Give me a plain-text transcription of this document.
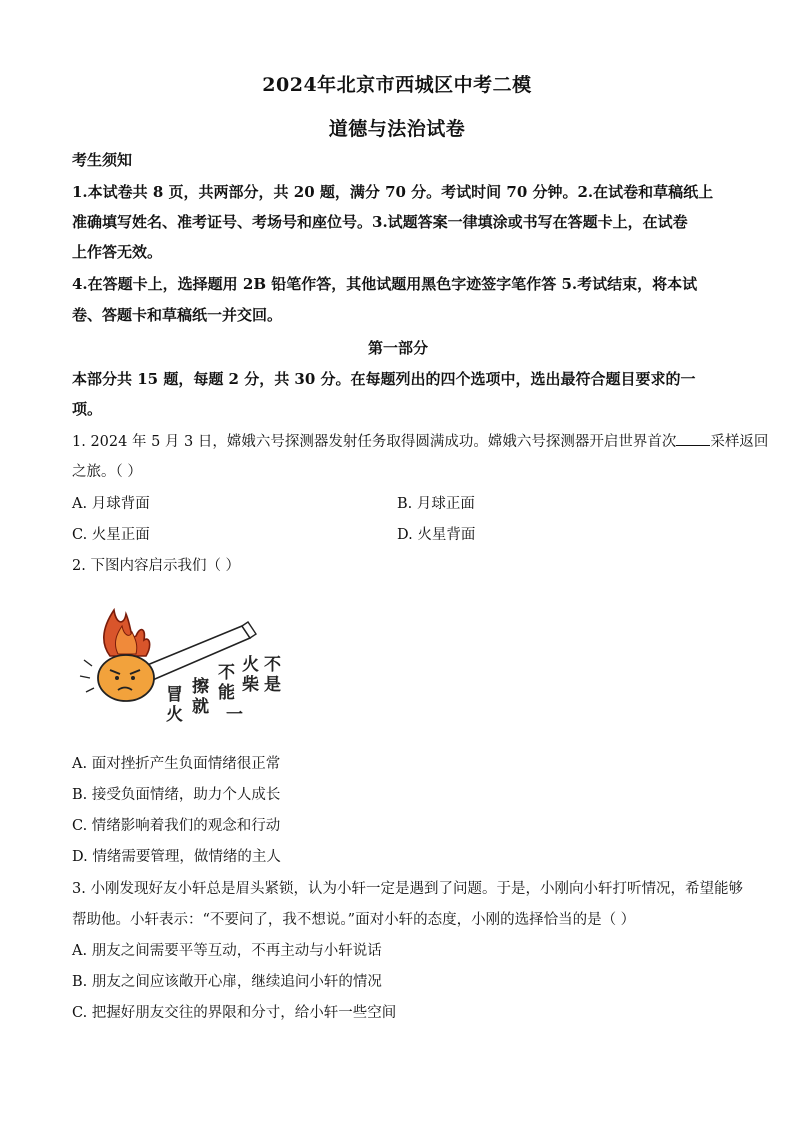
2024年北京市西城区中考二模
道德与法治试卷
考生须知
1.本试卷共 8 页，共两部分，共 20 题，满分 70 分。考试时间 70 分钟。2.在试卷和草稿纸上
准确填写姓名、准考证号、考场号和座位号。3.试题答案一律填涂或书写在答题卡上，在试卷
上作答无效。
4.在答题卡上，选择题用 2B 铅笔作答，其他试题用黑色字迹签字笔作答 5.考试结束，将本试
卷、答题卡和草稿纸一并交回。
第一部分
本部分共 15 题，每题 2 分，共 30 分。在每题列出的四个选项中，选出最符合题目要求的一
项。
1. 2024 年 5 月 3 日，嫦娥六号探测器发射任务取得圆满成功。嫦娥六号探测器开启世界首次 采样返回
之旅。（ ）
A. 月球背面	B. 月球正面
C. 火星正面	D. 火星背面
2. 下图内容启示我们（ ）
冒
火
擦
就
不
能
火
柴
不
是
一
A. 面对挫折产生负面情绪很正常
B. 接受负面情绪，助力个人成长
C. 情绪影响着我们的观念和行动
D. 情绪需要管理，做情绪的主人
3. 小刚发现好友小轩总是眉头紧锁，认为小轩一定是遇到了问题。于是，小刚向小轩打听情况，希望能够
帮助他。小轩表示：“不要问了，我不想说。”面对小轩的态度，小刚的选择恰当的是（ ）
A. 朋友之间需要平等互动，不再主动与小轩说话
B. 朋友之间应该敞开心扉，继续追问小轩的情况
C. 把握好朋友交往的界限和分寸，给小轩一些空间
